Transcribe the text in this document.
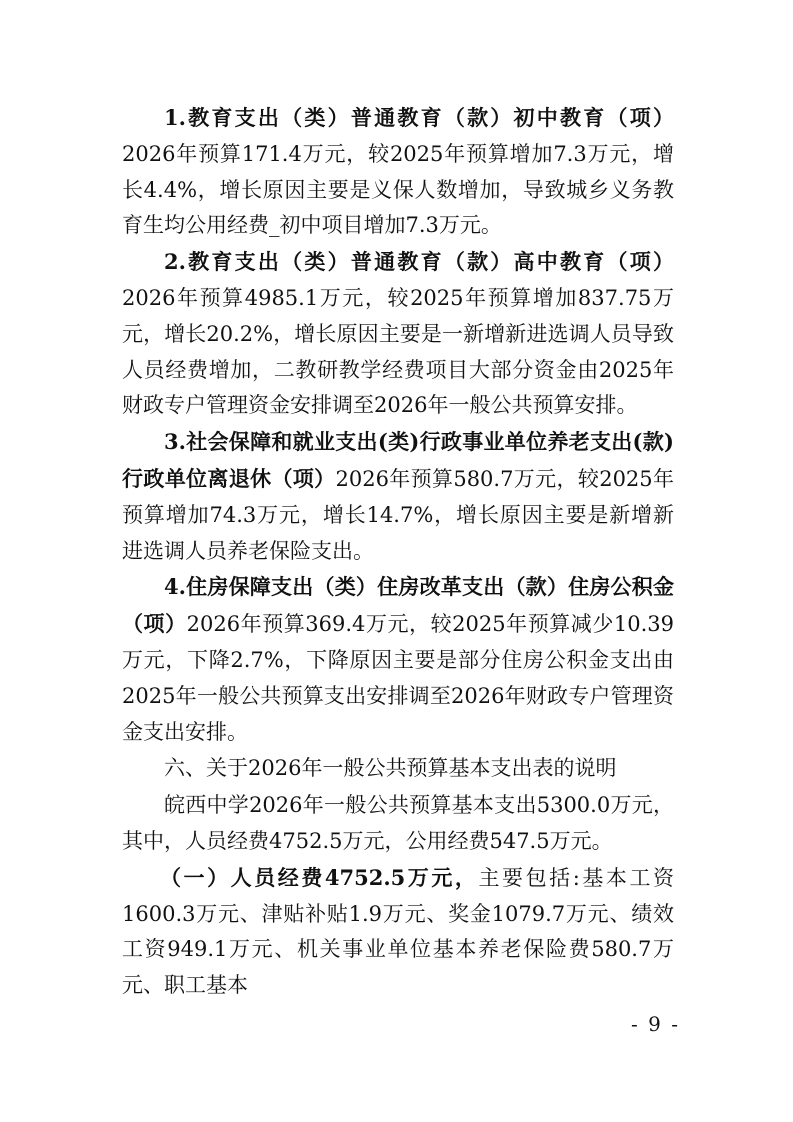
1.教育支出（类）普通教育（款）初中教育（项）2026年预算171.4万元，较2025年预算增加7.3万元，增长4.4%，增长原因主要是义保人数增加，导致城乡义务教育生均公用经费_初中项目增加7.3万元。

2.教育支出（类）普通教育（款）高中教育（项）2026年预算4985.1万元，较2025年预算增加837.75万元，增长20.2%，增长原因主要是一新增新进选调人员导致人员经费增加，二教研教学经费项目大部分资金由2025年财政专户管理资金安排调至2026年一般公共预算安排。

3.社会保障和就业支出(类)行政事业单位养老支出(款)行政单位离退休（项）2026年预算580.7万元，较2025年预算增加74.3万元，增长14.7%，增长原因主要是新增新进选调人员养老保险支出。

4.住房保障支出（类）住房改革支出（款）住房公积金（项）2026年预算369.4万元，较2025年预算减少10.39万元，下降2.7%，下降原因主要是部分住房公积金支出由2025年一般公共预算支出安排调至2026年财政专户管理资金支出安排。

六、关于2026年一般公共预算基本支出表的说明

皖西中学2026年一般公共预算基本支出5300.0万元，其中，人员经费4752.5万元，公用经费547.5万元。

（一）人员经费4752.5万元，主要包括:基本工资1600.3万元、津贴补贴1.9万元、奖金1079.7万元、绩效工资949.1万元、机关事业单位基本养老保险费580.7万元、职工基本

- 9 -
